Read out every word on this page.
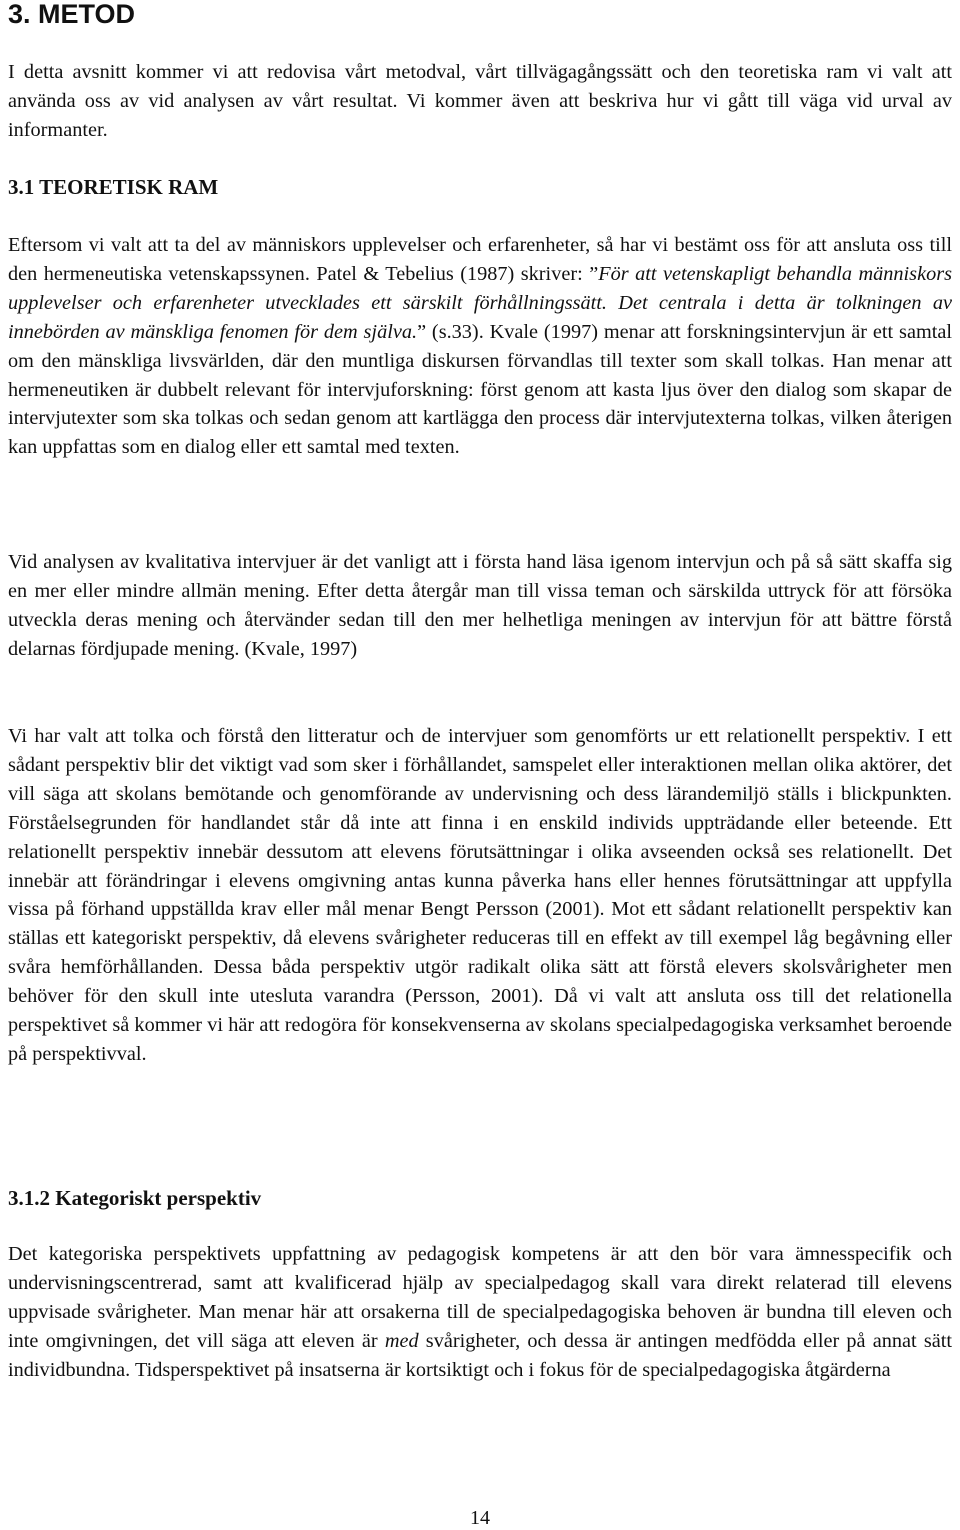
3. METOD

I detta avsnitt kommer vi att redovisa vårt metodval, vårt tillvägagångssätt och den teoretiska ram vi valt att använda oss av vid analysen av vårt resultat. Vi kommer även att beskriva hur vi gått till väga vid urval av informanter.

3.1 TEORETISK RAM

Eftersom vi valt att ta del av människors upplevelser och erfarenheter, så har vi bestämt oss för att ansluta oss till den hermeneutiska vetenskapssynen. Patel & Tebelius (1987) skriver: ”För att vetenskapligt behandla människors upplevelser och erfarenheter utvecklades ett särskilt förhållningssätt. Det centrala i detta är tolkningen av innebörden av mänskliga fenomen för dem själva.” (s.33). Kvale (1997) menar att forskningsintervjun är ett samtal om den mänskliga livsvärlden, där den muntliga diskursen förvandlas till texter som skall tolkas. Han menar att hermeneutiken är dubbelt relevant för intervjuforskning: först genom att kasta ljus över den dialog som skapar de intervjutexter som ska tolkas och sedan genom att kartlägga den process där intervjutexterna tolkas, vilken återigen kan uppfattas som en dialog eller ett samtal med texten.

Vid analysen av kvalitativa intervjuer är det vanligt att i första hand läsa igenom intervjun och på så sätt skaffa sig en mer eller mindre allmän mening. Efter detta återgår man till vissa teman och särskilda uttryck för att försöka utveckla deras mening och återvänder sedan till den mer helhetliga meningen av intervjun för att bättre förstå delarnas fördjupade mening. (Kvale, 1997)

Vi har valt att tolka och förstå den litteratur och de intervjuer som genomförts ur ett relationellt perspektiv. I ett sådant perspektiv blir det viktigt vad som sker i förhållandet, samspelet eller interaktionen mellan olika aktörer, det vill säga att skolans bemötande och genomförande av undervisning och dess lärandemiljö ställs i blickpunkten. Förståelsegrunden för handlandet står då inte att finna i en enskild individs uppträdande eller beteende. Ett relationellt perspektiv innebär dessutom att elevens förutsättningar i olika avseenden också ses relationellt. Det innebär att förändringar i elevens omgivning antas kunna påverka hans eller hennes förutsättningar att uppfylla vissa på förhand uppställda krav eller mål menar Bengt Persson (2001). Mot ett sådant relationellt perspektiv kan ställas ett kategoriskt perspektiv, då elevens svårigheter reduceras till en effekt av till exempel låg begåvning eller svåra hemförhållanden. Dessa båda perspektiv utgör radikalt olika sätt att förstå elevers skolsvårigheter men behöver för den skull inte utesluta varandra (Persson, 2001). Då vi valt att ansluta oss till det relationella perspektivet så kommer vi här att redogöra för konsekvenserna av skolans specialpedagogiska verksamhet beroende på perspektivval.

3.1.2 Kategoriskt perspektiv

Det kategoriska perspektivets uppfattning av pedagogisk kompetens är att den bör vara ämnesspecifik och undervisningscentrerad, samt att kvalificerad hjälp av specialpedagog skall vara direkt relaterad till elevens uppvisade svårigheter. Man menar här att orsakerna till de specialpedagogiska behoven är bundna till eleven och inte omgivningen, det vill säga att eleven är med svårigheter, och dessa är antingen medfödda eller på annat sätt individbundna. Tidsperspektivet på insatserna är kortsiktigt och i fokus för de specialpedagogiska åtgärderna

14
